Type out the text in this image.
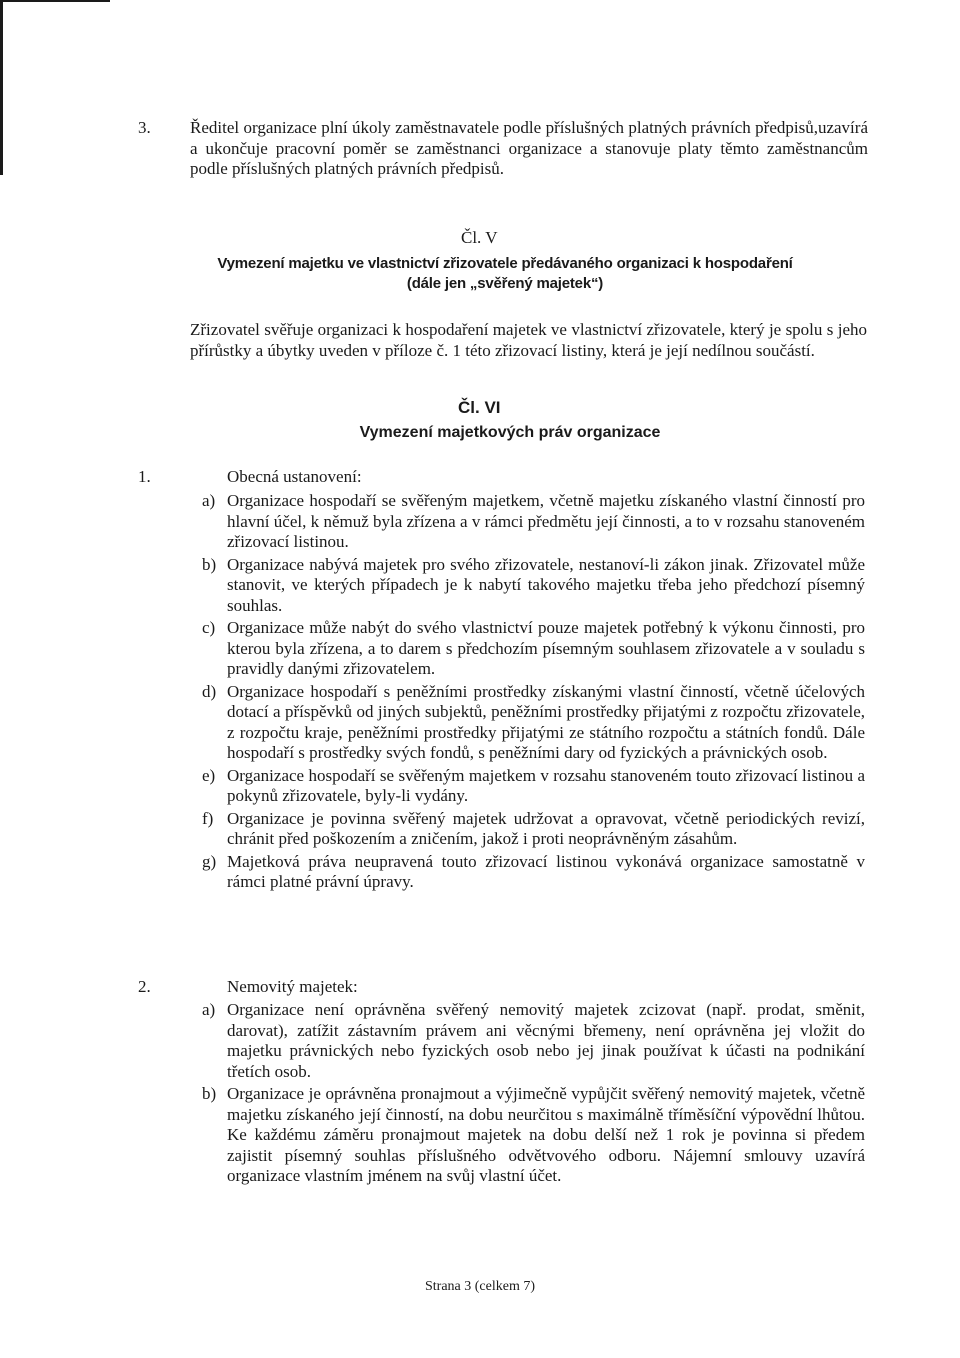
3.	Ředitel organizace plní úkoly zaměstnavatele podle příslušných platných právních předpisů,uzavírá a ukončuje pracovní poměr se zaměstnanci organizace a stanovuje platy těmto zaměstnancům podle příslušných platných právních předpisů.
Čl. V
Vymezení majetku ve vlastnictví zřizovatele předávaného organizaci k hospodaření
(dále jen „svěřený majetek“)
Zřizovatel svěřuje organizaci k hospodaření majetek ve vlastnictví zřizovatele, který je spolu s jeho přírůstky a úbytky uveden v příloze č. 1 této zřizovací listiny, která je její nedílnou součástí.
Čl. VI
Vymezení majetkových práv organizace
1.	Obecná ustanovení:
a) Organizace hospodaří se svěřeným majetkem, včetně majetku získaného vlastní činností pro hlavní účel, k němuž byla zřízena a v rámci předmětu její činnosti, a to v rozsahu stanoveném zřizovací listinou.
b) Organizace nabývá majetek pro svého zřizovatele, nestanoví-li zákon jinak. Zřizovatel může stanovit, ve kterých případech je k nabytí takového majetku třeba jeho předchozí písemný souhlas.
c) Organizace může nabýt do svého vlastnictví pouze majetek potřebný k výkonu činnosti, pro kterou byla zřízena, a to darem s předchozím písemným souhlasem zřizovatele a v souladu s pravidly danými zřizovatelem.
d) Organizace hospodaří s peněžními prostředky získanými vlastní činností, včetně účelových dotací a příspěvků od jiných subjektů, peněžními prostředky přijatými z rozpočtu zřizovatele, z rozpočtu kraje, peněžními prostředky přijatými ze státního rozpočtu a státních fondů. Dále hospodaří s prostředky svých fondů, s peněžními dary od fyzických a právnických osob.
e) Organizace hospodaří se svěřeným majetkem v rozsahu stanoveném touto zřizovací listinou a pokynů zřizovatele, byly-li vydány.
f) Organizace je povinna svěřený majetek udržovat a opravovat, včetně periodických revizí, chránit před poškozením a zničením, jakož i proti neoprávněným zásahům.
g) Majetková práva neupravená touto zřizovací listinou vykonává organizace samostatně v rámci platné právní úpravy.
2.	Nemovitý majetek:
a) Organizace není oprávněna svěřený nemovitý majetek zcizovat (např. prodat, směnit, darovat), zatížit zástavním právem ani věcnými břemeny, není oprávněna jej vložit do majetku právnických nebo fyzických osob nebo jej jinak používat k účasti na podnikání třetích osob.
b) Organizace je oprávněna pronajmout a výjimečně vypůjčit svěřený nemovitý majetek, včetně majetku získaného její činností, na dobu neurčitou s maximálně tříměsíční výpovědní lhůtou. Ke každému záměru pronajmout majetek na dobu delší než 1 rok je povinna si předem zajistit písemný souhlas příslušného odvětvového odboru. Nájemní smlouvy uzavírá organizace vlastním jménem na svůj vlastní účet.
Strana 3 (celkem 7)
